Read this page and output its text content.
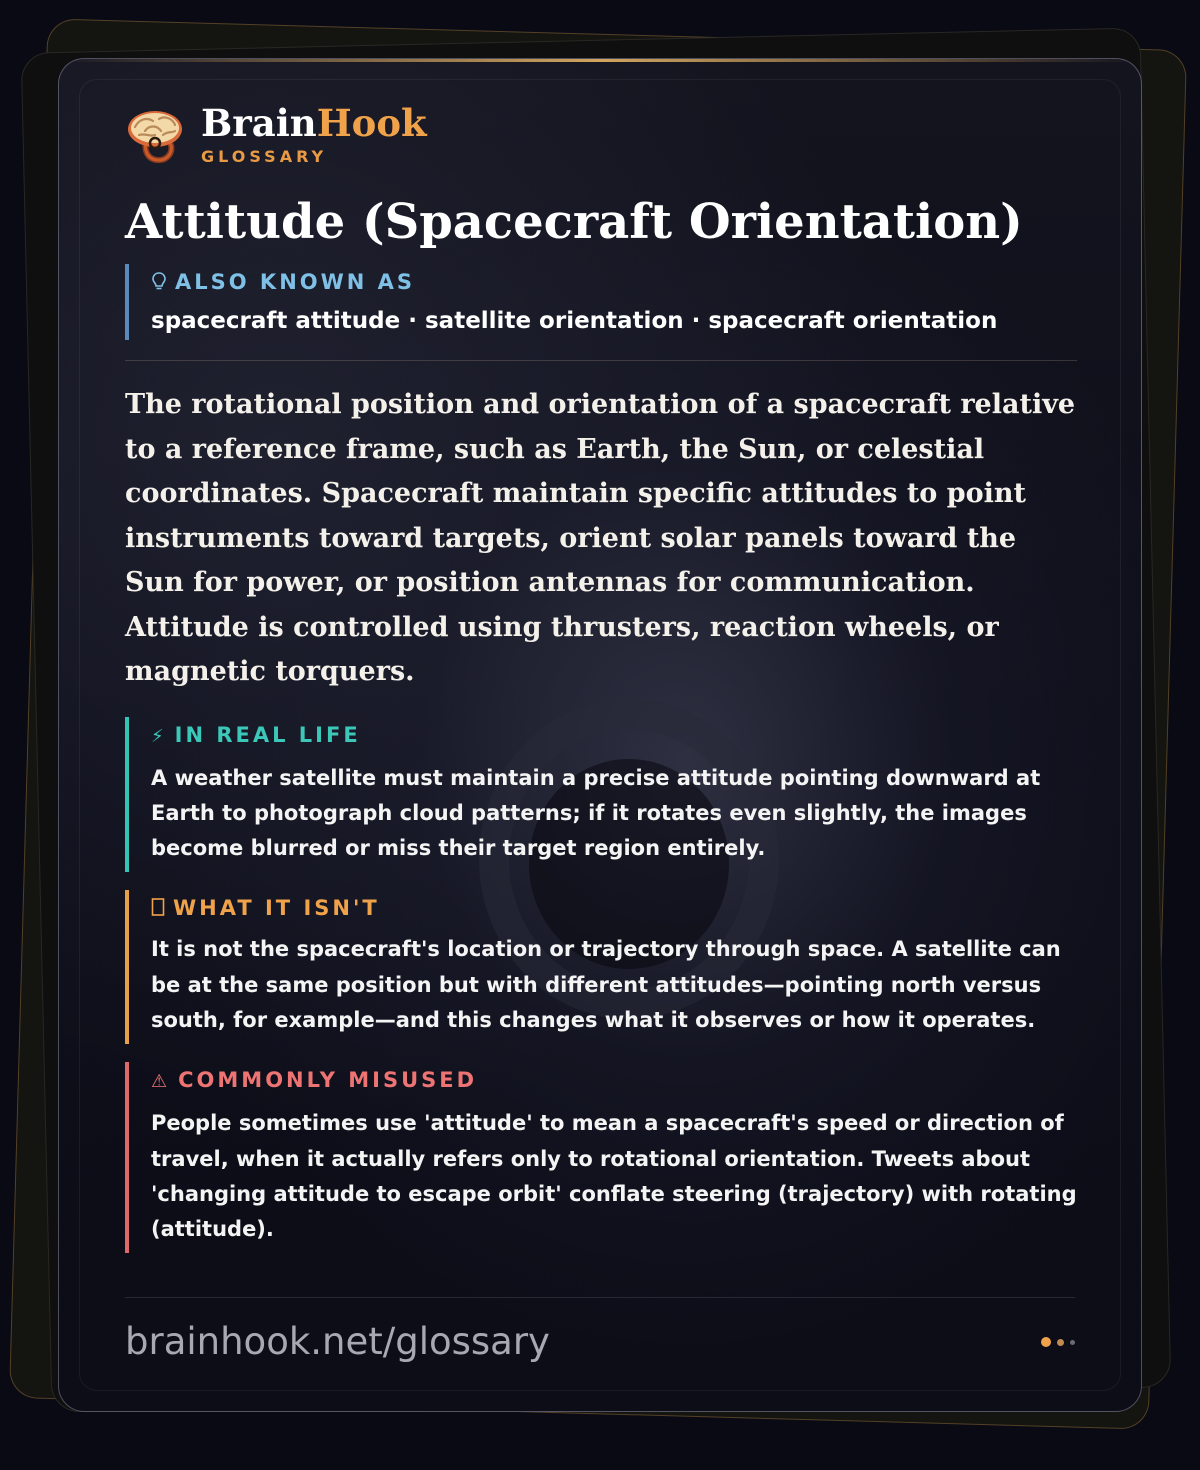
BrainHook
GLOSSARY
Attitude (Spacecraft Orientation)
ALSO KNOWN AS
spacecraft attitude · satellite orientation · spacecraft orientation

The rotational position and orientation of a spacecraft relative to a reference frame, such as Earth, the Sun, or celestial coordinates. Spacecraft maintain specific attitudes to point instruments toward targets, orient solar panels toward the Sun for power, or position antennas for communication. Attitude is controlled using thrusters, reaction wheels, or magnetic torquers.

⚡ IN REAL LIFE
A weather satellite must maintain a precise attitude pointing downward at Earth to photograph cloud patterns; if it rotates even slightly, the images become blurred or miss their target region entirely.
WHAT IT ISN'T
It is not the spacecraft's location or trajectory through space. A satellite can be at the same position but with different attitudes—pointing north versus south, for example—and this changes what it observes or how it operates.
⚠ COMMONLY MISUSED
People sometimes use 'attitude' to mean a spacecraft's speed or direction of travel, when it actually refers only to rotational orientation. Tweets about 'changing attitude to escape orbit' conflate steering (trajectory) with rotating (attitude).
brainhook.net/glossary
